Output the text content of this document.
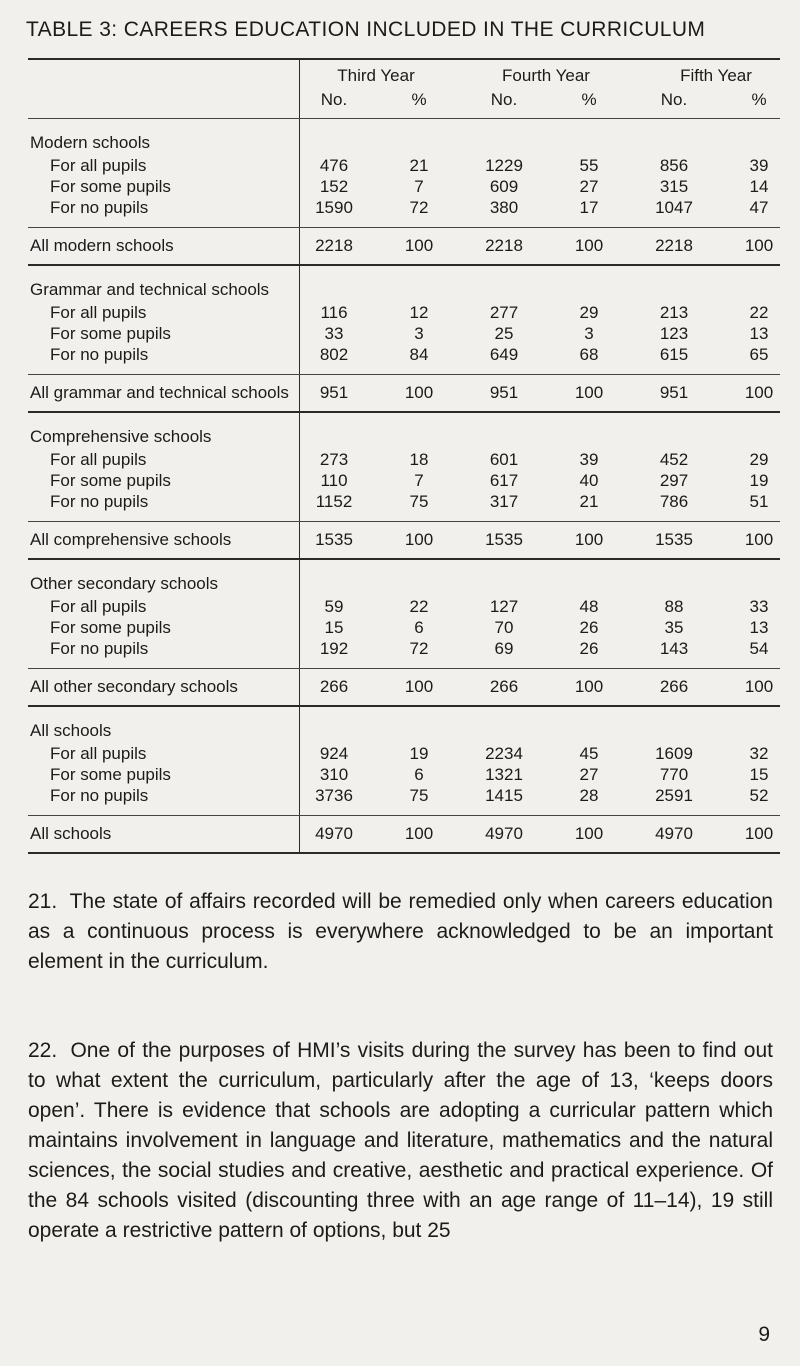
TABLE 3: CAREERS EDUCATION INCLUDED IN THE CURRICULUM
Third Year	Fourth Year	Fifth Year
No.	%	No.	%	No.	%
Modern schools
For all pupils	476	21	1229	55	856	39
For some pupils	152	7	609	27	315	14
For no pupils	1590	72	380	17	1047	47
All modern schools	2218	100	2218	100	2218	100
Grammar and technical schools
For all pupils	116	12	277	29	213	22
For some pupils	33	3	25	3	123	13
For no pupils	802	84	649	68	615	65
All grammar and technical schools	951	100	951	100	951	100
Comprehensive schools
For all pupils	273	18	601	39	452	29
For some pupils	110	7	617	40	297	19
For no pupils	1152	75	317	21	786	51
All comprehensive schools	1535	100	1535	100	1535	100
Other secondary schools
For all pupils	59	22	127	48	88	33
For some pupils	15	6	70	26	35	13
For no pupils	192	72	69	26	143	54
All other secondary schools	266	100	266	100	266	100
All schools
For all pupils	924	19	2234	45	1609	32
For some pupils	310	6	1321	27	770	15
For no pupils	3736	75	1415	28	2591	52
All schools	4970	100	4970	100	4970	100
21. The state of affairs recorded will be remedied only when careers education as a continuous process is everywhere acknowledged to be an important element in the curriculum.
22. One of the purposes of HMI’s visits during the survey has been to find out to what extent the curriculum, particularly after the age of 13, ‘keeps doors open’. There is evidence that schools are adopting a curricular pattern which maintains involvement in language and literature, mathematics and the natural sciences, the social studies and creative, aesthetic and practical experience. Of the 84 schools visited (discounting three with an age range of 11–14), 19 still operate a restrictive pattern of options, but 25
9
